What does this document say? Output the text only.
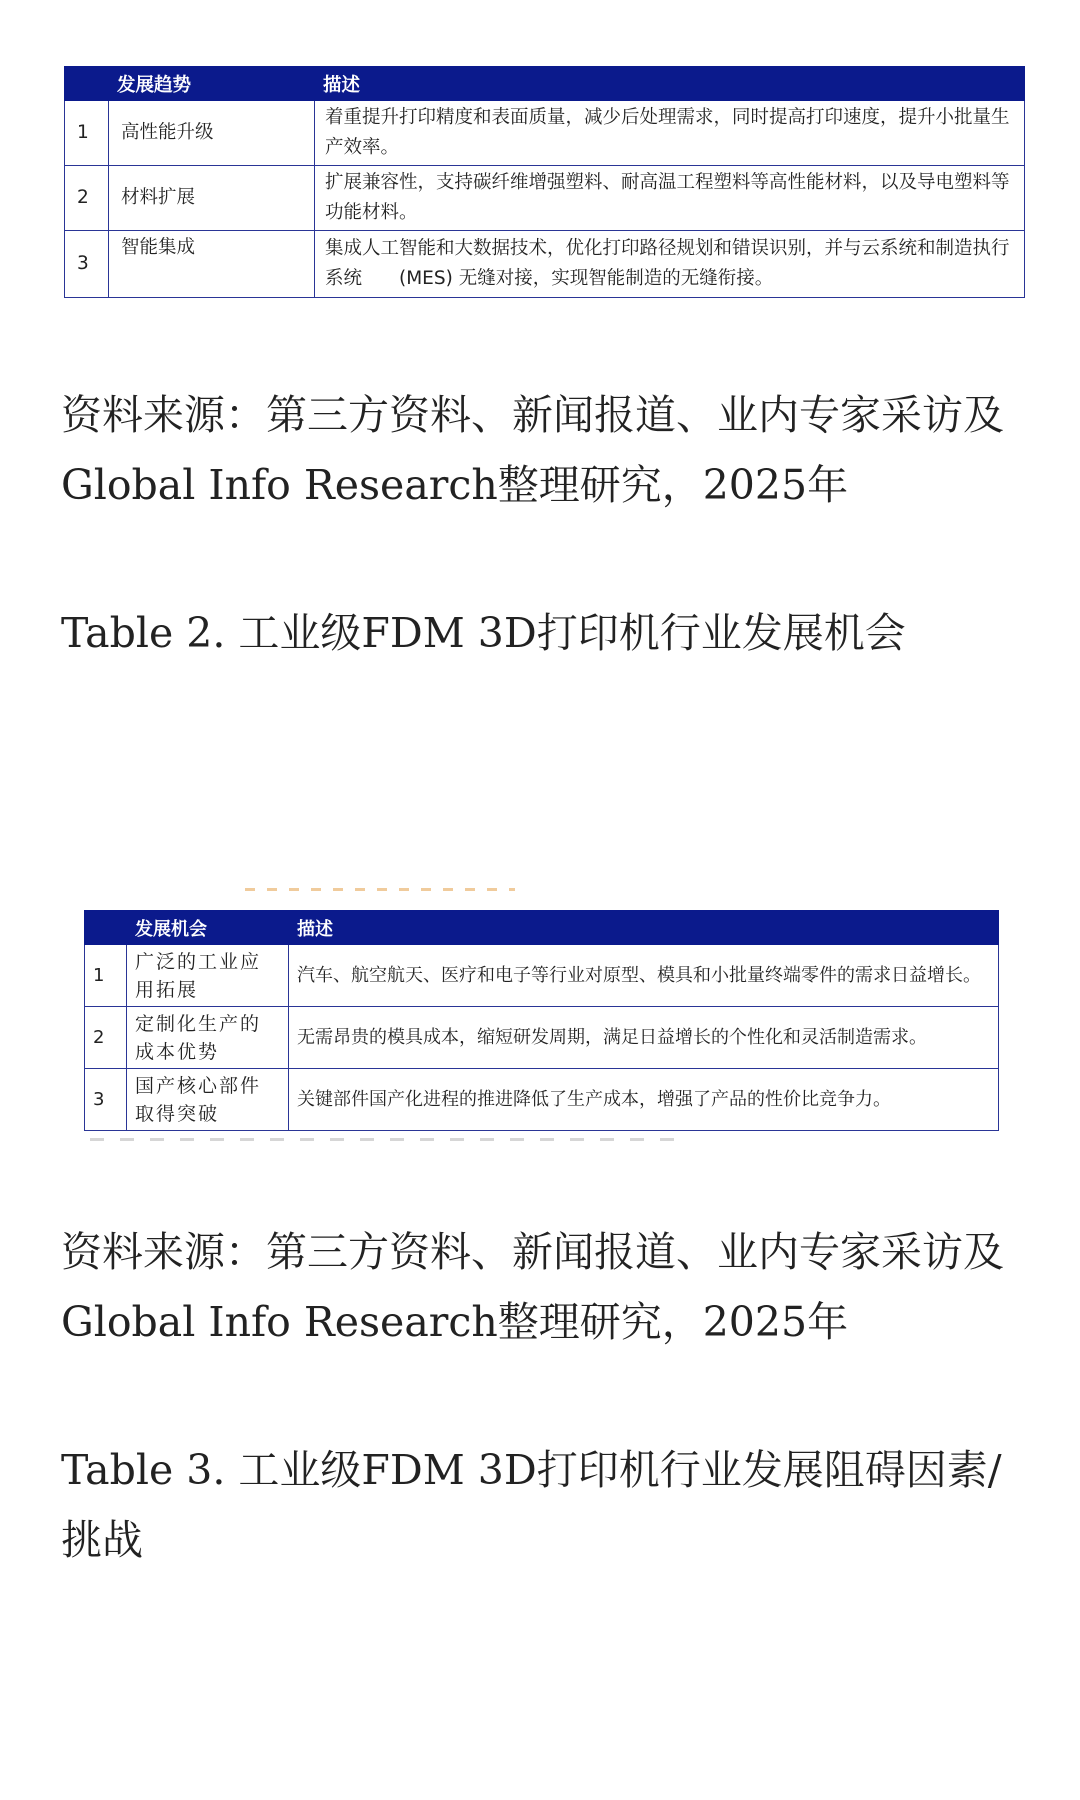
	发展趋势	描述
1	高性能升级	着重提升打印精度和表面质量，减少后处理需求，同时提高打印速度，提升小批量生产效率。
2	材料扩展	扩展兼容性，支持碳纤维增强塑料、耐高温工程塑料等高性能材料，以及导电塑料等功能材料。
3	智能集成	集成人工智能和大数据技术，优化打印路径规划和错误识别，并与云系统和制造执行系统　　(MES) 无缝对接，实现智能制造的无缝衔接。

资料来源：第三方资料、新闻报道、业内专家采访及Global Info Research整理研究，2025年

Table 2. 工业级FDM 3D打印机行业发展机会

	发展机会	描述
1	广泛的工业应用拓展	汽车、航空航天、医疗和电子等行业对原型、模具和小批量终端零件的需求日益增长。
2	定制化生产的成本优势	无需昂贵的模具成本，缩短研发周期，满足日益增长的个性化和灵活制造需求。
3	国产核心部件取得突破	关键部件国产化进程的推进降低了生产成本，增强了产品的性价比竞争力。

资料来源：第三方资料、新闻报道、业内专家采访及Global Info Research整理研究，2025年

Table 3. 工业级FDM 3D打印机行业发展阻碍因素/挑战
